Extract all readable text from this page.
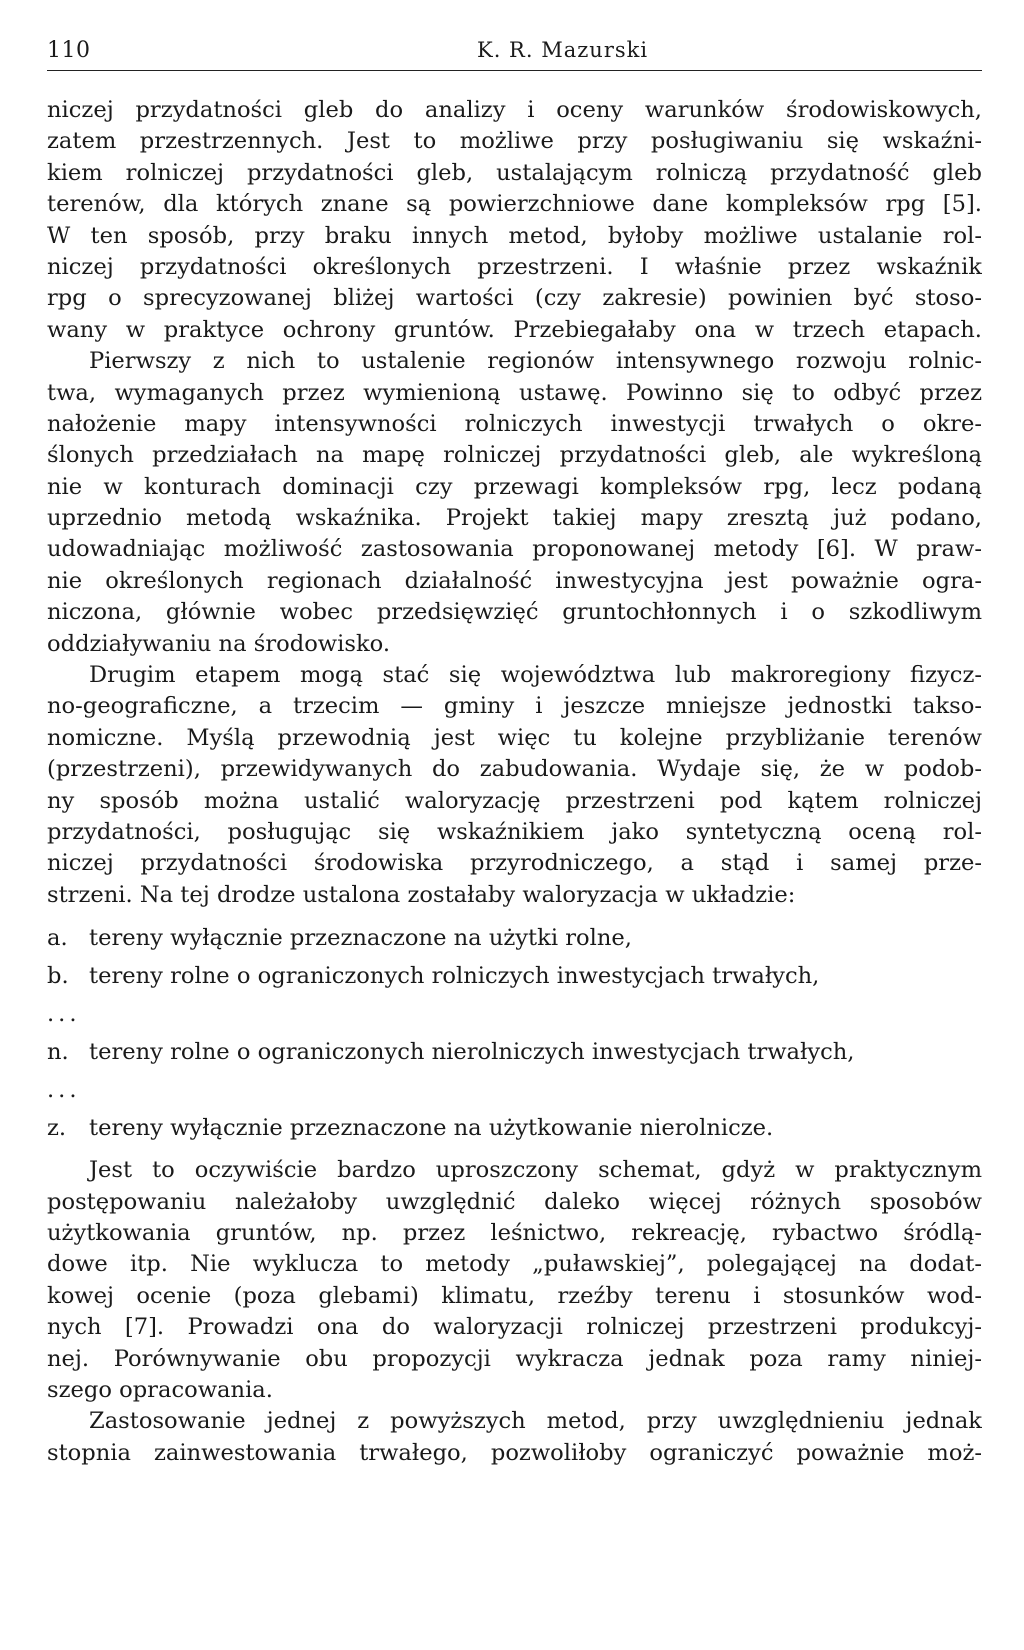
110	K. R. Mazurski
niczej przydatności gleb do analizy i oceny warunków środowiskowych,
zatem przestrzennych. Jest to możliwe przy posługiwaniu się wskaźni-
kiem rolniczej przydatności gleb, ustalającym rolniczą przydatność gleb
terenów, dla których znane są powierzchniowe dane kompleksów rpg [5].
W ten sposób, przy braku innych metod, byłoby możliwe ustalanie rol-
niczej przydatności określonych przestrzeni. I właśnie przez wskaźnik
rpg o sprecyzowanej bliżej wartości (czy zakresie) powinien być stoso-
wany w praktyce ochrony gruntów. Przebiegałaby ona w trzech etapach.
Pierwszy z nich to ustalenie regionów intensywnego rozwoju rolnic-
twa, wymaganych przez wymienioną ustawę. Powinno się to odbyć przez
nałożenie mapy intensywności rolniczych inwestycji trwałych o okre-
ślonych przedziałach na mapę rolniczej przydatności gleb, ale wykreśloną
nie w konturach dominacji czy przewagi kompleksów rpg, lecz podaną
uprzednio metodą wskaźnika. Projekt takiej mapy zresztą już podano,
udowadniając możliwość zastosowania proponowanej metody [6]. W praw-
nie określonych regionach działalność inwestycyjna jest poważnie ogra-
niczona, głównie wobec przedsięwzięć gruntochłonnych i o szkodliwym
oddziaływaniu na środowisko.
Drugim etapem mogą stać się województwa lub makroregiony fizycz-
no-geograficzne, a trzecim — gminy i jeszcze mniejsze jednostki takso-
nomiczne. Myślą przewodnią jest więc tu kolejne przybliżanie terenów
(przestrzeni), przewidywanych do zabudowania. Wydaje się, że w podob-
ny sposób można ustalić waloryzację przestrzeni pod kątem rolniczej
przydatności, posługując się wskaźnikiem jako syntetyczną oceną rol-
niczej przydatności środowiska przyrodniczego, a stąd i samej prze-
strzeni. Na tej drodze ustalona zostałaby waloryzacja w układzie:
a. tereny wyłącznie przeznaczone na użytki rolne,
b. tereny rolne o ograniczonych rolniczych inwestycjach trwałych,
...
n. tereny rolne o ograniczonych nierolniczych inwestycjach trwałych,
...
z. tereny wyłącznie przeznaczone na użytkowanie nierolnicze.
Jest to oczywiście bardzo uproszczony schemat, gdyż w praktycznym
postępowaniu należałoby uwzględnić daleko więcej różnych sposobów
użytkowania gruntów, np. przez leśnictwo, rekreację, rybactwo śródlą-
dowe itp. Nie wyklucza to metody „puławskiej”, polegającej na dodat-
kowej ocenie (poza glebami) klimatu, rzeźby terenu i stosunków wod-
nych [7]. Prowadzi ona do waloryzacji rolniczej przestrzeni produkcyj-
nej. Porównywanie obu propozycji wykracza jednak poza ramy niniej-
szego opracowania.
Zastosowanie jednej z powyższych metod, przy uwzględnieniu jednak
stopnia zainwestowania trwałego, pozwoliłoby ograniczyć poważnie moż-
